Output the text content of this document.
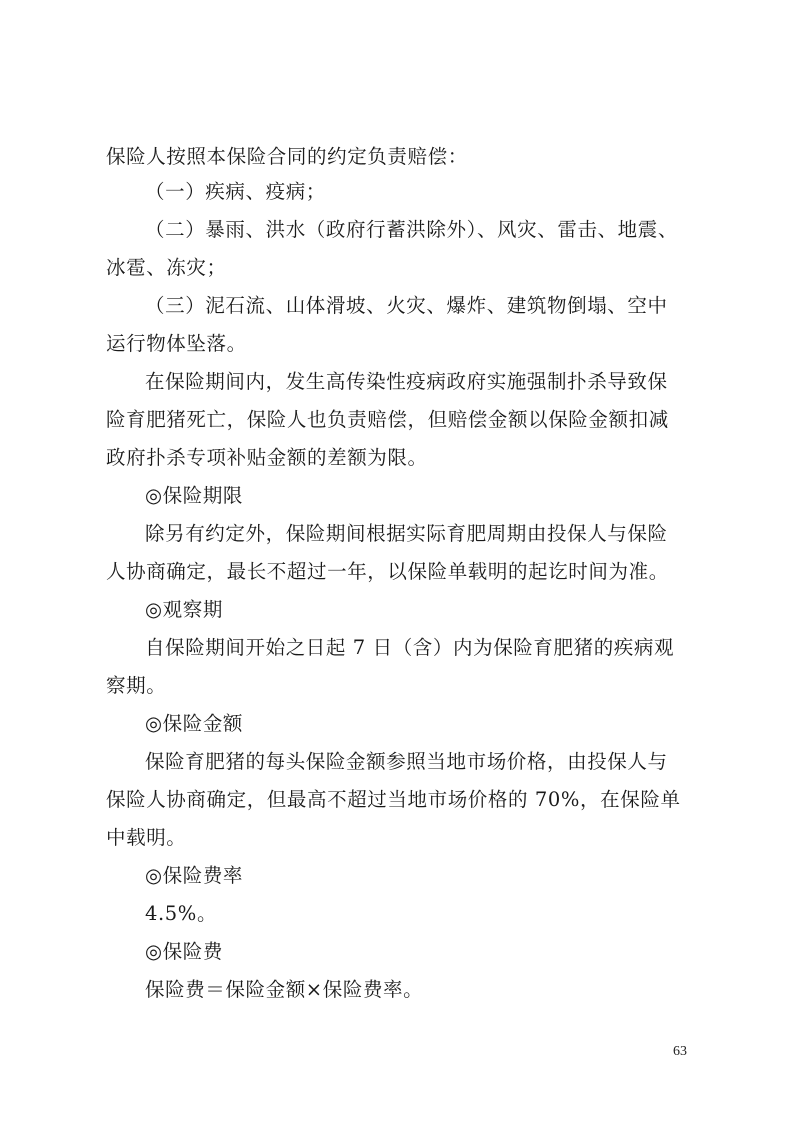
保险人按照本保险合同的约定负责赔偿：
（一）疾病、疫病；
（二）暴雨、洪水（政府行蓄洪除外）、风灾、雷击、地震、
冰雹、冻灾；
（三）泥石流、山体滑坡、火灾、爆炸、建筑物倒塌、空中
运行物体坠落。
在保险期间内，发生高传染性疫病政府实施强制扑杀导致保
险育肥猪死亡，保险人也负责赔偿，但赔偿金额以保险金额扣减
政府扑杀专项补贴金额的差额为限。
◎保险期限
除另有约定外，保险期间根据实际育肥周期由投保人与保险
人协商确定，最长不超过一年，以保险单载明的起讫时间为准。
◎观察期
自保险期间开始之日起 7 日（含）内为保险育肥猪的疾病观
察期。
◎保险金额
保险育肥猪的每头保险金额参照当地市场价格，由投保人与
保险人协商确定，但最高不超过当地市场价格的 70%，在保险单
中载明。
◎保险费率
4.5%。
◎保险费
保险费＝保险金额×保险费率。
63
